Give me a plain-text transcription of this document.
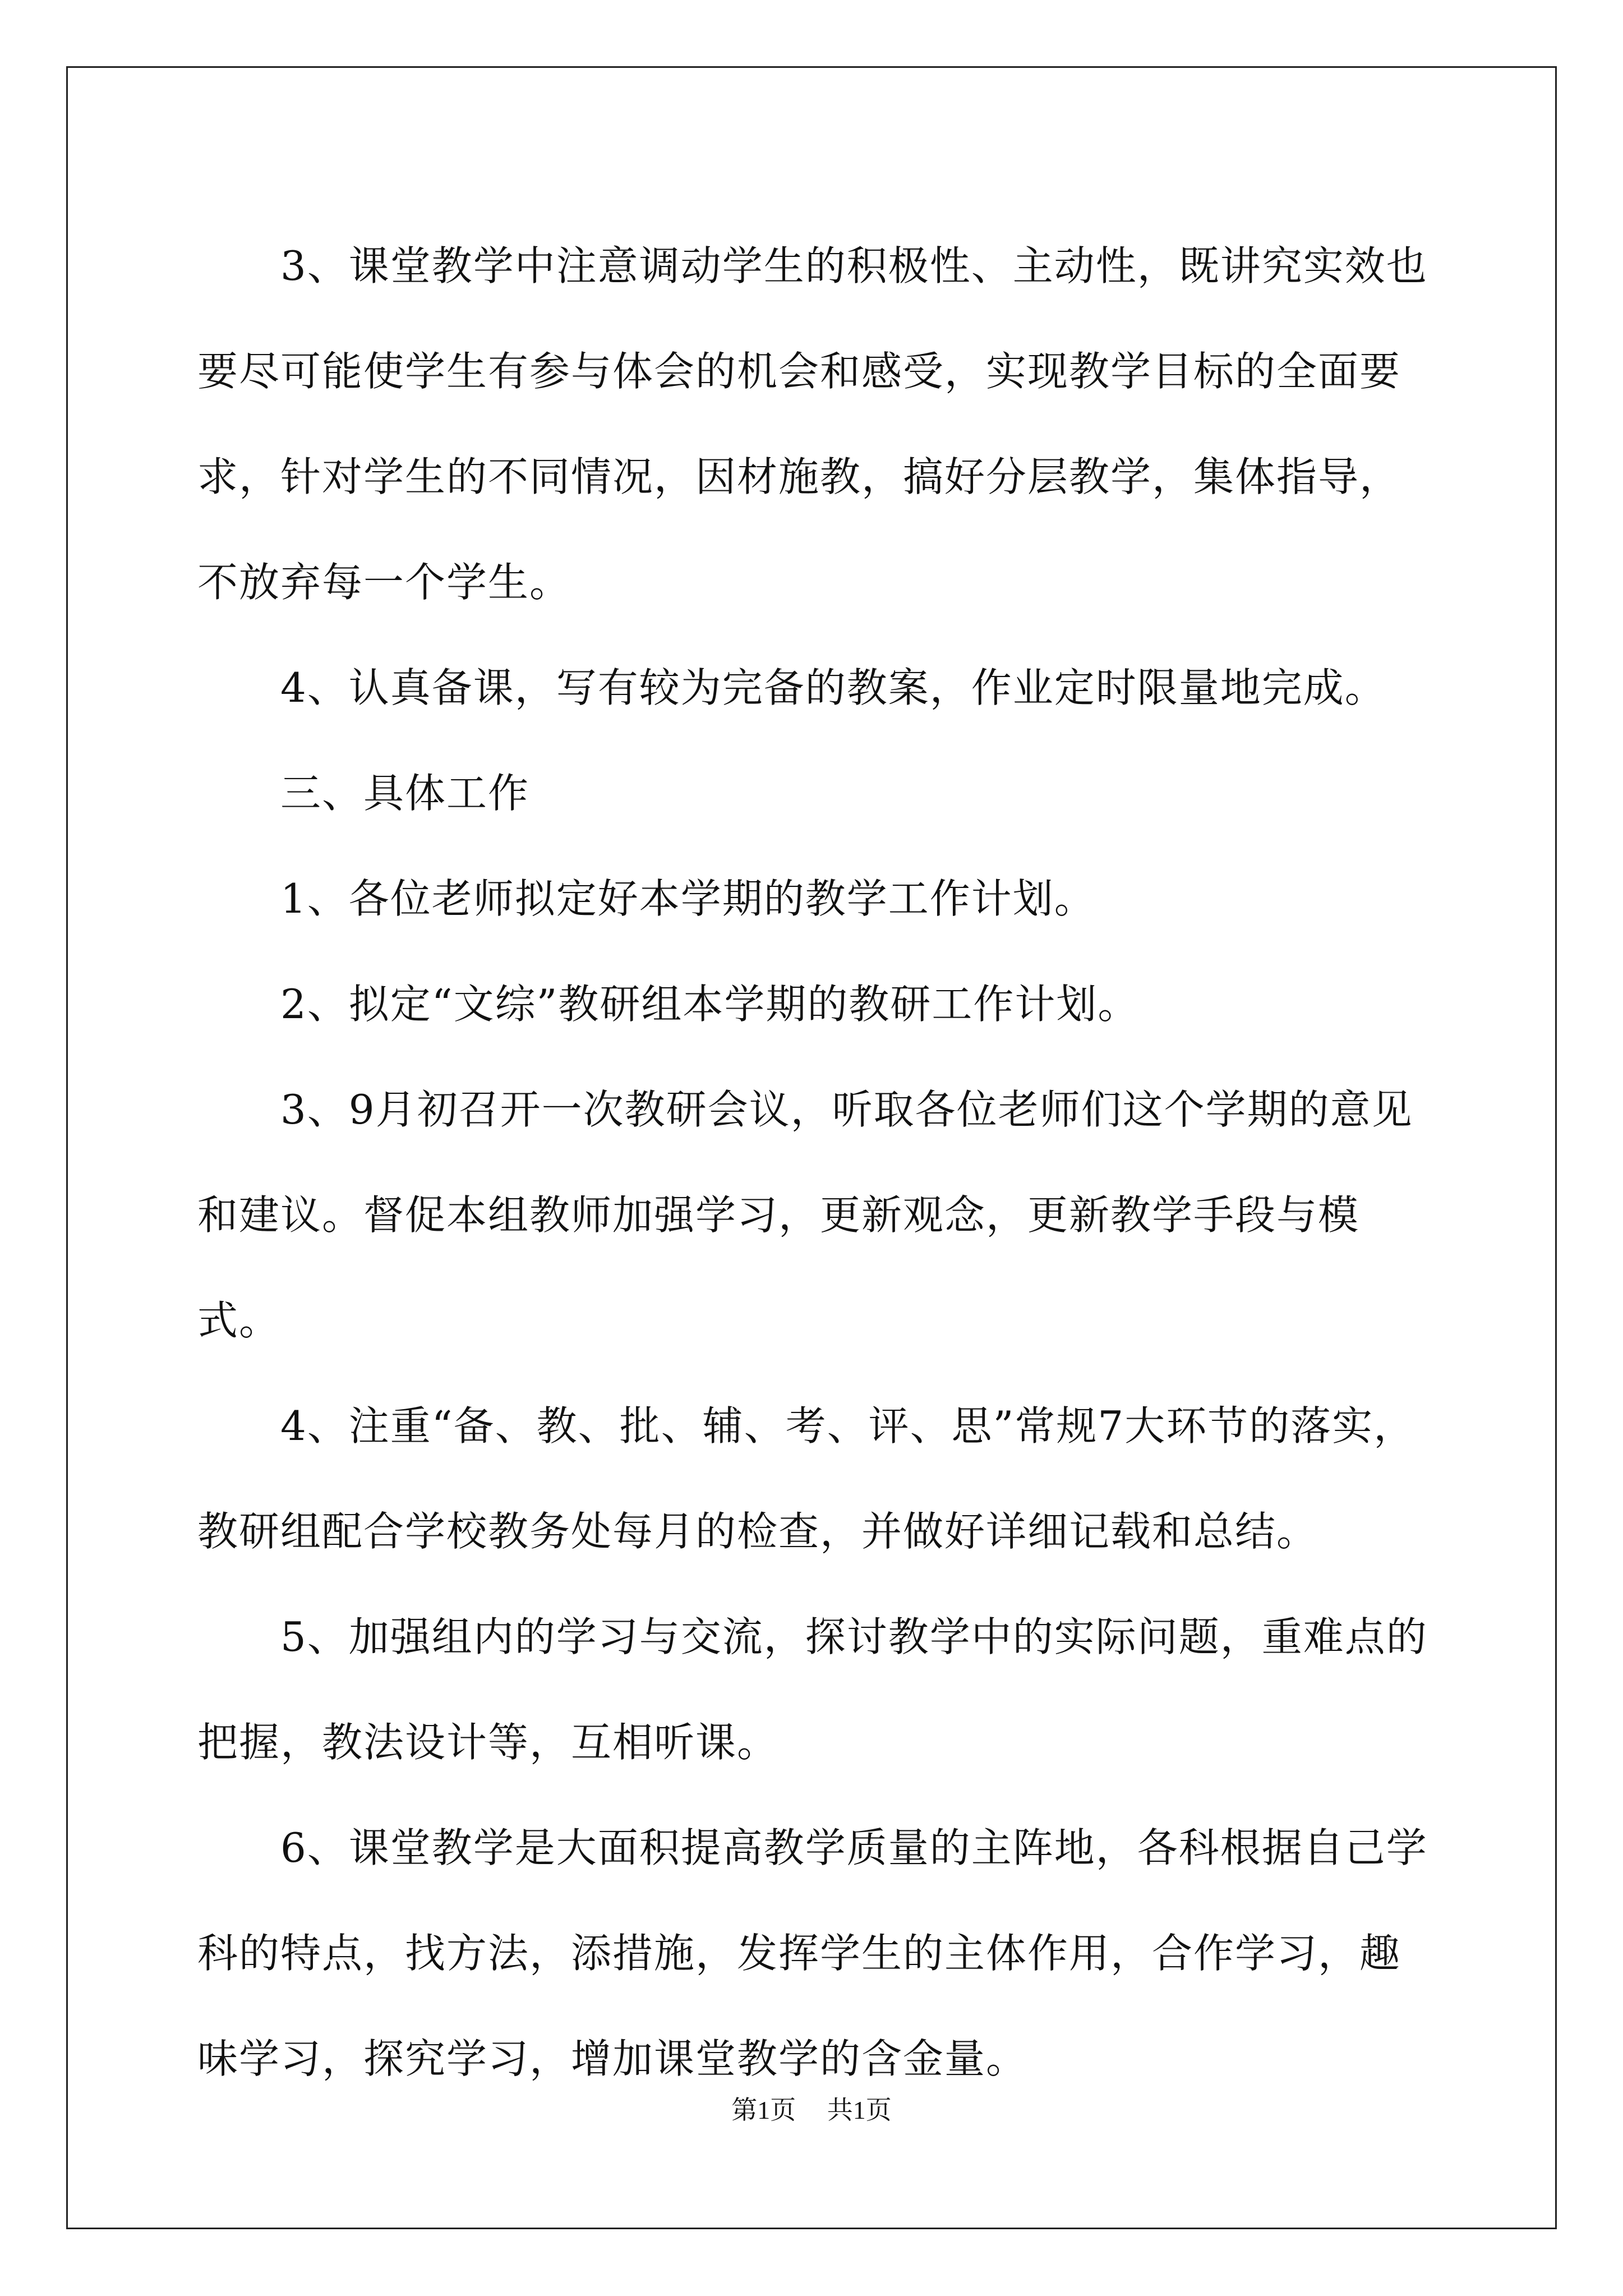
3、课堂教学中注意调动学生的积极性、主动性，既讲究实效也要尽可能使学生有参与体会的机会和感受，实现教学目标的全面要求，针对学生的不同情况，因材施教，搞好分层教学，集体指导，不放弃每一个学生。

4、认真备课，写有较为完备的教案，作业定时限量地完成。

三、具体工作

1、各位老师拟定好本学期的教学工作计划。

2、拟定“文综”教研组本学期的教研工作计划。

3、9月初召开一次教研会议，听取各位老师们这个学期的意见和建议。督促本组教师加强学习，更新观念，更新教学手段与模式。

4、注重“备、教、批、辅、考、评、思”常规7大环节的落实，教研组配合学校教务处每月的检查，并做好详细记载和总结。

5、加强组内的学习与交流，探讨教学中的实际问题，重难点的把握，教法设计等，互相听课。

6、课堂教学是大面积提高教学质量的主阵地，各科根据自己学科的特点，找方法，添措施，发挥学生的主体作用，合作学习，趣味学习，探究学习，增加课堂教学的含金量。

第1页 共1页
